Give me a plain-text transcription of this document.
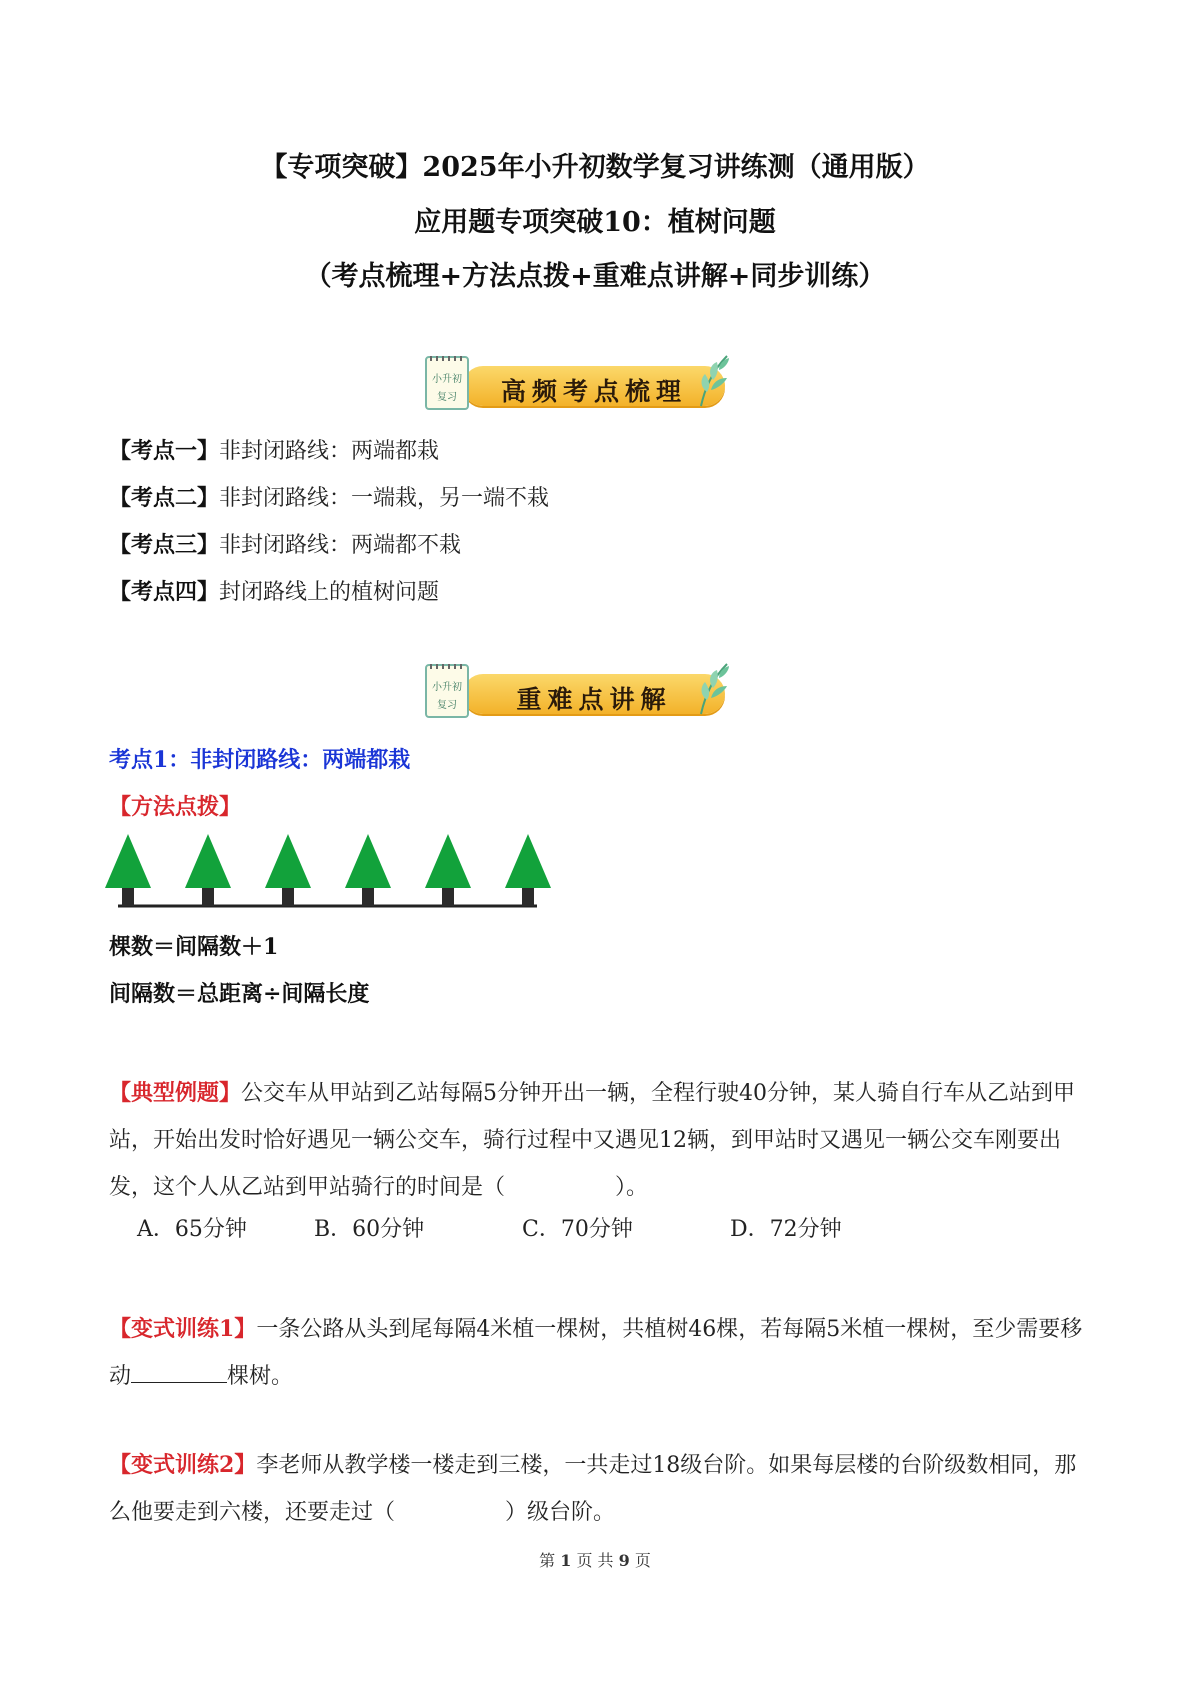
【专项突破】2025年小升初数学复习讲练测（通用版）
应用题专项突破10：植树问题
（考点梳理+方法点拨+重难点讲解+同步训练）
高频考点梳理
小升初
复习
【考点一】非封闭路线：两端都栽
【考点二】非封闭路线：一端栽，另一端不栽
【考点三】非封闭路线：两端都不栽
【考点四】封闭路线上的植树问题
重难点讲解
小升初
复习
考点1：非封闭路线：两端都栽
【方法点拨】
棵数＝间隔数＋1
间隔数＝总距离÷间隔长度
【典型例题】公交车从甲站到乙站每隔5分钟开出一辆，全程行驶40分钟，某人骑自行车从乙站到甲站，开始出发时恰好遇见一辆公交车，骑行过程中又遇见12辆，到甲站时又遇见一辆公交车刚要出发，这个人从乙站到甲站骑行的时间是（　　　　　）。
A．65分钟	B．60分钟	C．70分钟	D．72分钟
【变式训练1】一条公路从头到尾每隔4米植一棵树，共植树46棵，若每隔5米植一棵树，至少需要移动	棵树。
【变式训练2】李老师从教学楼一楼走到三楼，一共走过18级台阶。如果每层楼的台阶级数相同，那么他要走到六楼，还要走过（　　　　　）级台阶。
第 1 页 共 9 页
